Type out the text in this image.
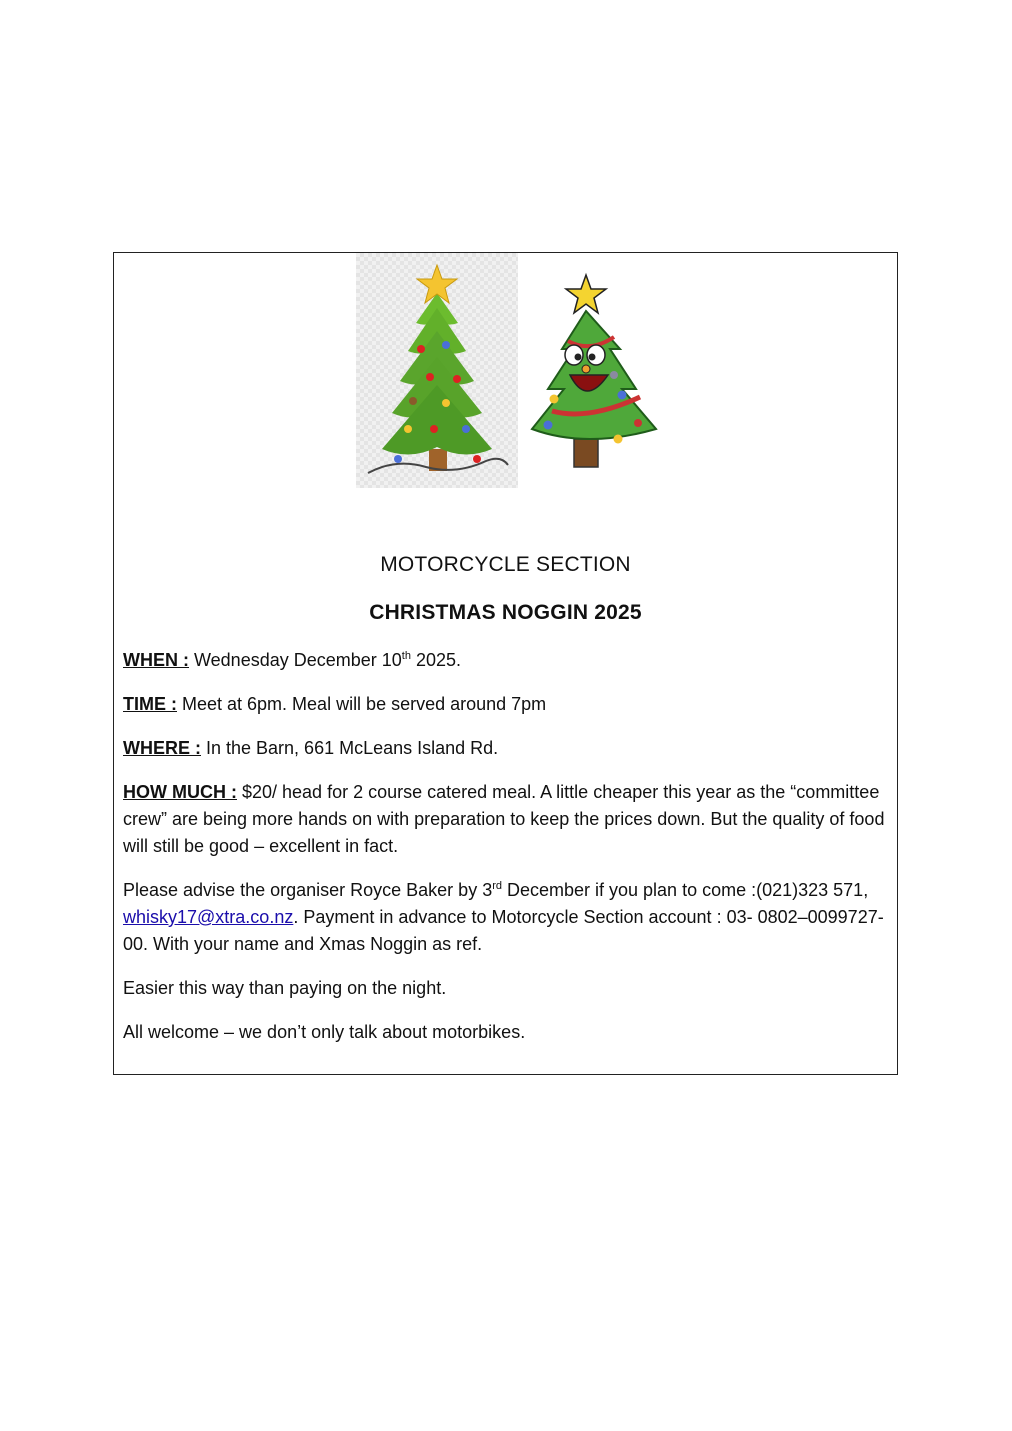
MOTORCYCLE SECTION
CHRISTMAS NOGGIN 2025

WHEN : Wednesday December 10th 2025.

TIME : Meet at 6pm. Meal will be served around 7pm

WHERE : In the Barn, 661 McLeans Island Rd.

HOW MUCH : $20/ head for 2 course catered meal. A little cheaper this year as the “committee crew” are being more hands on with preparation to keep the prices down. But the quality of food will still be good – excellent in fact.

Please advise the organiser Royce Baker by 3rd December if you plan to come :(021)323 571, whisky17@xtra.co.nz. Payment in advance to Motorcycle Section account : 03- 0802–0099727- 00. With your name and Xmas Noggin as ref.

Easier this way than paying on the night.

All welcome – we don’t only talk about motorbikes.
